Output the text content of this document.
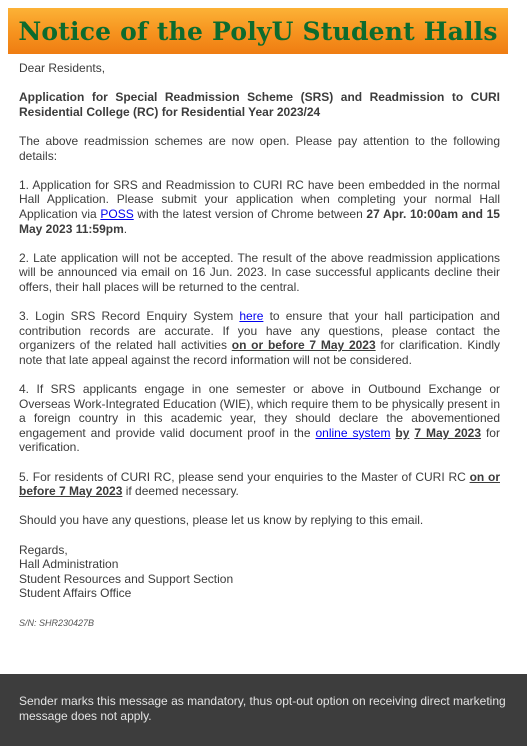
Notice of the PolyU Student Halls

Dear Residents,

Application for Special Readmission Scheme (SRS) and Readmission to CURI Residential College (RC) for Residential Year 2023/24

The above readmission schemes are now open. Please pay attention to the following details:

1. Application for SRS and Readmission to CURI RC have been embedded in the normal Hall Application. Please submit your application when completing your normal Hall Application via POSS with the latest version of Chrome between 27 Apr. 10:00am and 15 May 2023 11:59pm.

2. Late application will not be accepted. The result of the above readmission applications will be announced via email on 16 Jun. 2023. In case successful applicants decline their offers, their hall places will be returned to the central.

3. Login SRS Record Enquiry System here to ensure that your hall participation and contribution records are accurate. If you have any questions, please contact the organizers of the related hall activities on or before 7 May 2023 for clarification. Kindly note that late appeal against the record information will not be considered.

4. If SRS applicants engage in one semester or above in Outbound Exchange or Overseas Work-Integrated Education (WIE), which require them to be physically present in a foreign country in this academic year, they should declare the abovementioned engagement and provide valid document proof in the online system by 7 May 2023 for verification.

5. For residents of CURI RC, please send your enquiries to the Master of CURI RC on or before 7 May 2023 if deemed necessary.

Should you have any questions, please let us know by replying to this email.

Regards,
Hall Administration
Student Resources and Support Section
Student Affairs Office

S/N: SHR230427B

Sender marks this message as mandatory, thus opt-out option on receiving direct marketing message does not apply.
